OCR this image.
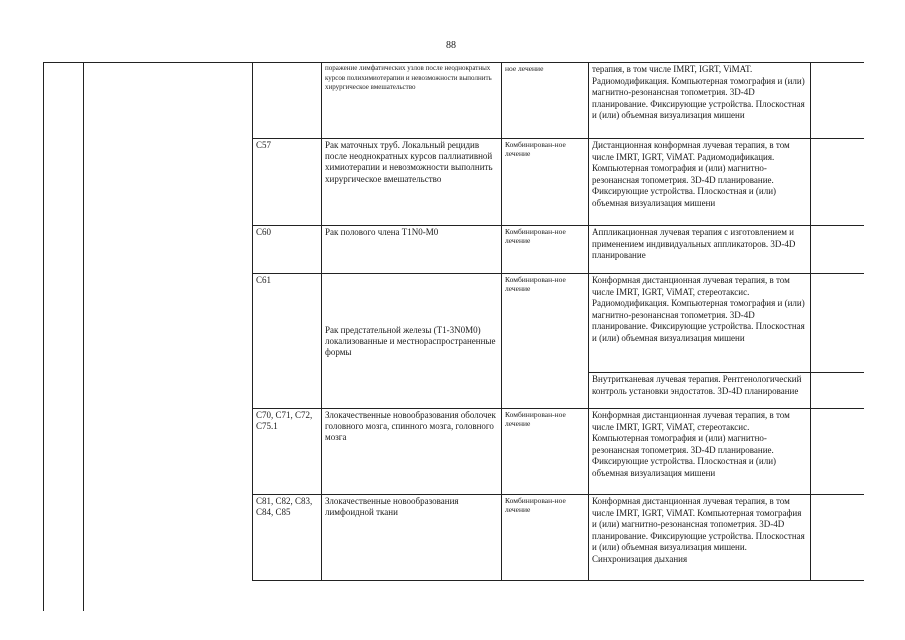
88
	поражение лимфатических узлов после неоднократных курсов полихимиотерапии и невозможности выполнить хирургическое вмешательство	ное лечение	терапия, в том числе IMRT, IGRT, ViMAT. Радиомодификация. Компьютерная томография и (или) магнитно-резонансная топометрия. 3D-4D планирование. Фиксирующие устройства. Плоскостная и (или) объемная визуализация мишени
C57	Рак маточных труб. Локальный рецидив после неоднократных курсов паллиативной химиотерапии и невозможности выполнить хирургическое вмешательство	Комбинирован-ное лечение	Дистанционная конформная лучевая терапия, в том числе IMRT, IGRT, ViMAT. Радиомодификация. Компьютерная томография и (или) магнитно-резонансная топометрия. 3D-4D планирование. Фиксирующие устройства. Плоскостная и (или) объемная визуализация мишени
C60	Рак полового члена T1N0-M0	Комбинирован-ное лечение	Аппликационная лучевая терапия с изготовлением и применением индивидуальных аппликаторов. 3D-4D планирование
C61	Рак предстательной железы (T1-3N0M0) локализованные и местнораспространенные формы	Комбинирован-ное лечение	Конформная дистанционная лучевая терапия, в том числе IMRT, IGRT, ViMAT, стереотаксис. Радиомодификация. Компьютерная томография и (или) магнитно-резонансная топометрия. 3D-4D планирование. Фиксирующие устройства. Плоскостная и (или) объемная визуализация мишени
			Внутритканевая лучевая терапия. Рентгенологический контроль установки эндостатов. 3D-4D планирование
C70, C71, C72, C75.1	Злокачественные новообразования оболочек головного мозга, спинного мозга, головного мозга	Комбинирован-ное лечение	Конформная дистанционная лучевая терапия, в том числе IMRT, IGRT, ViMAT, стереотаксис. Компьютерная томография и (или) магнитно-резонансная топометрия. 3D-4D планирование. Фиксирующие устройства. Плоскостная и (или) объемная визуализация мишени
C81, C82, C83, C84, C85	Злокачественные новообразования лимфоидной ткани	Комбинирован-ное лечение	Конформная дистанционная лучевая терапия, в том числе IMRT, IGRT, ViMAT. Компьютерная томография и (или) магнитно-резонансная топометрия. 3D-4D планирование. Фиксирующие устройства. Плоскостная и (или) объемная визуализация мишени. Синхронизация дыхания
